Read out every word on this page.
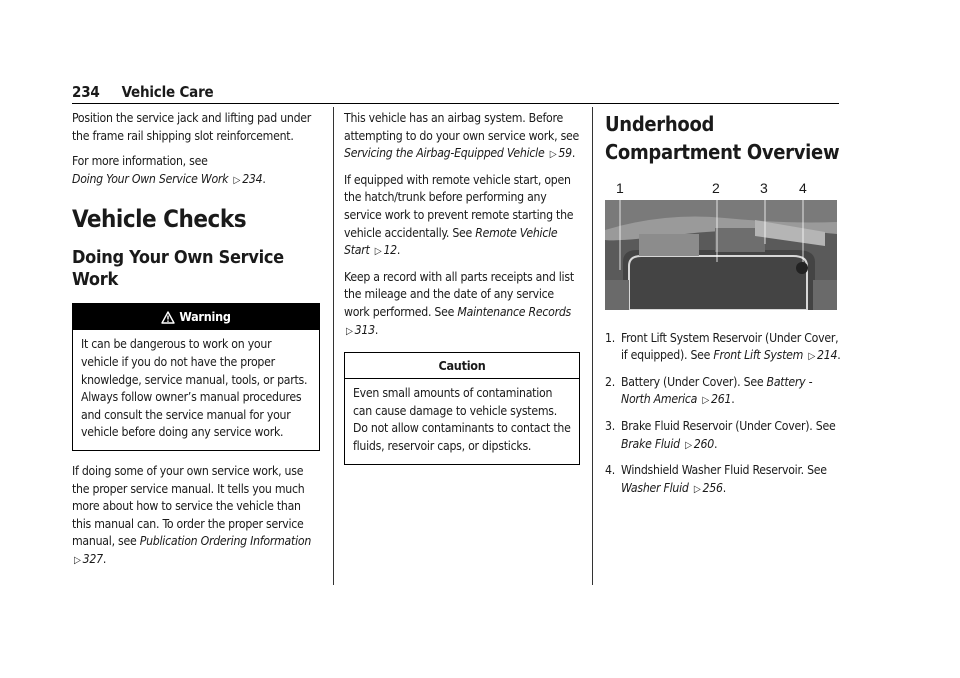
234 Vehicle Care

Position the service jack and lifting pad under the frame rail shipping slot reinforcement.

For more information, see Doing Your Own Service Work ▷ 234.

Vehicle Checks
Doing Your Own Service Work
Warning
It can be dangerous to work on your vehicle if you do not have the proper knowledge, service manual, tools, or parts. Always follow owner’s manual procedures and consult the service manual for your vehicle before doing any service work.

If doing some of your own service work, use the proper service manual. It tells you much more about how to service the vehicle than this manual can. To order the proper service manual, see Publication Ordering Information ▷ 327.

This vehicle has an airbag system. Before attempting to do your own service work, see Servicing the Airbag-Equipped Vehicle ▷ 59.

If equipped with remote vehicle start, open the hatch/trunk before performing any service work to prevent remote starting the vehicle accidentally. See Remote Vehicle Start ▷ 12.

Keep a record with all parts receipts and list the mileage and the date of any service work performed. See Maintenance Records ▷ 313.

Caution
Even small amounts of contamination can cause damage to vehicle systems. Do not allow contaminants to contact the fluids, reservoir caps, or dipsticks.
Underhood Compartment Overview
1	2	3 4
1. Front Lift System Reservoir (Under Cover, if equipped). See Front Lift System ▷ 214.
2. Battery (Under Cover). See Battery - North America ▷ 261.
3. Brake Fluid Reservoir (Under Cover). See Brake Fluid ▷ 260.
4. Windshield Washer Fluid Reservoir. See Washer Fluid ▷ 256.
